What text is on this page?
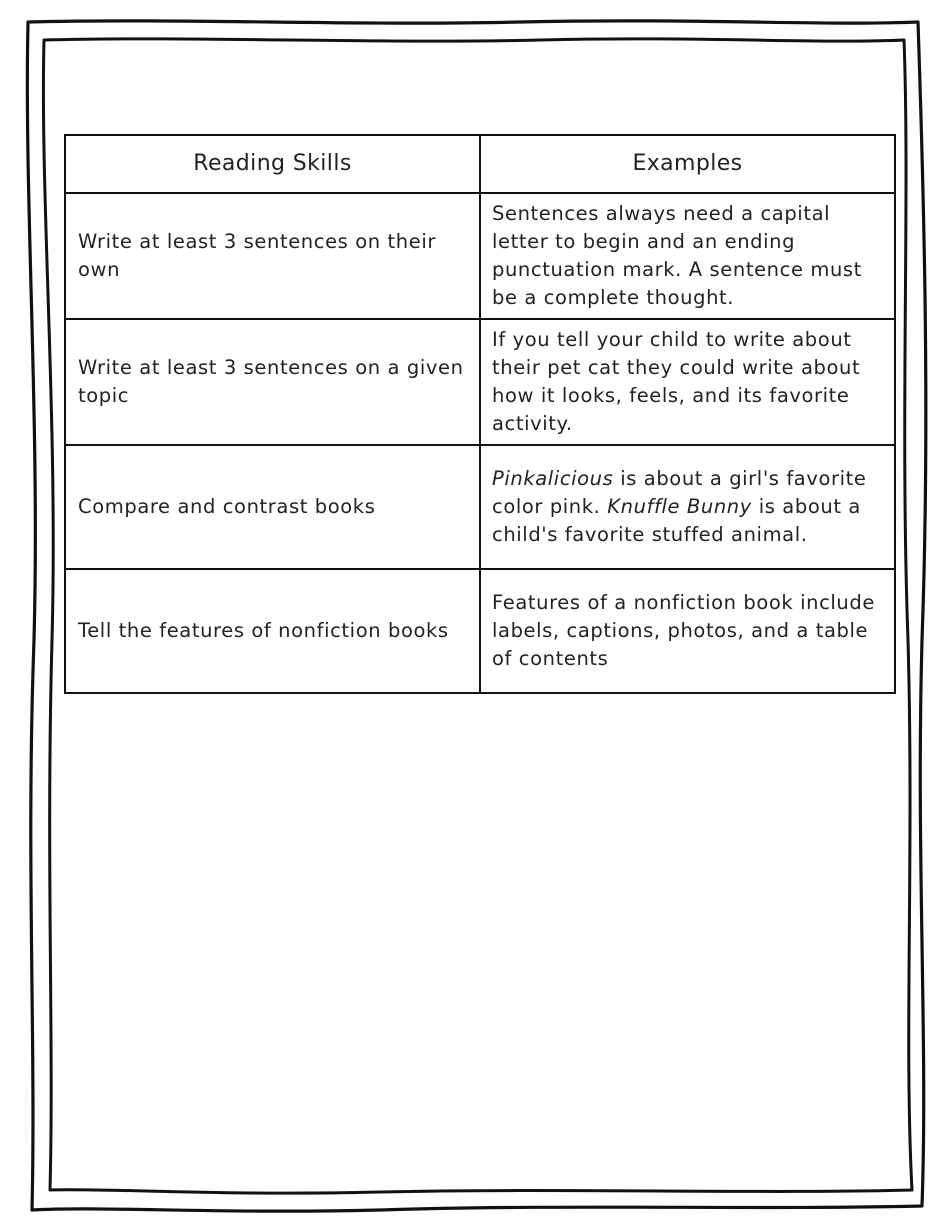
Reading Skills	Examples
Write at least 3 sentences on their own	Sentences always need a capital letter to begin and an ending punctuation mark. A sentence must be a complete thought.
Write at least 3 sentences on a given topic	If you tell your child to write about their pet cat they could write about how it looks, feels, and its favorite activity.
Compare and contrast books	Pinkalicious is about a girl's favorite color pink. Knuffle Bunny is about a child's favorite stuffed animal.
Tell the features of nonfiction books	Features of a nonfiction book include labels, captions, photos, and a table of contents
